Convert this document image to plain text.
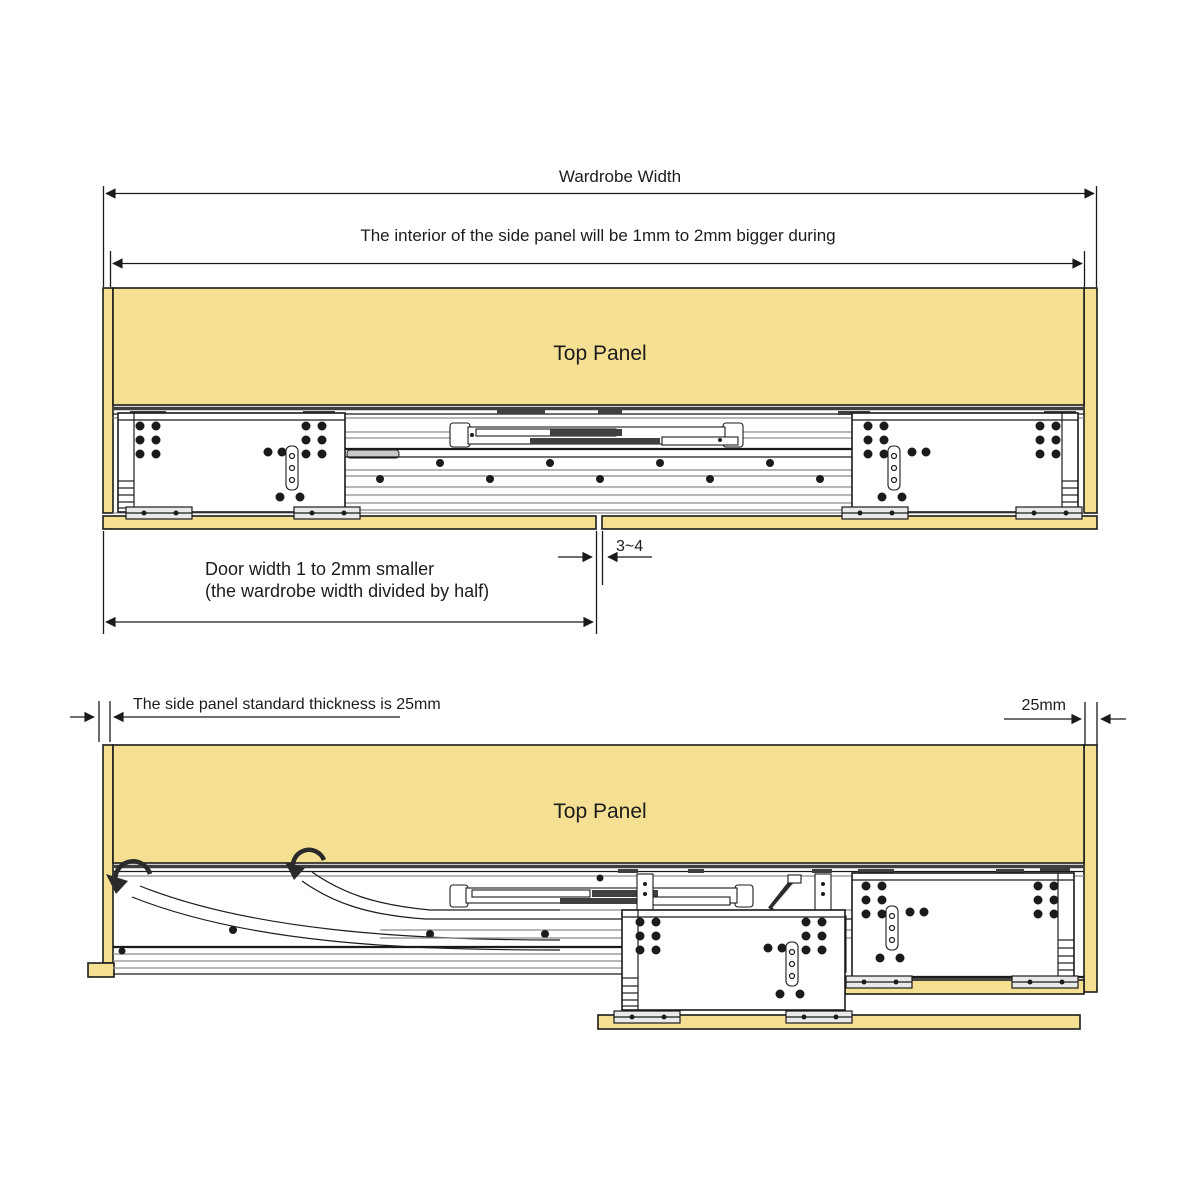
Wardrobe Width
The interior of the side panel will be 1mm to 2mm bigger during
Top Panel
3~4
Door width 1 to 2mm smaller
(the wardrobe width divided by half)
The side panel standard thickness is 25mm	25mm
Top Panel
